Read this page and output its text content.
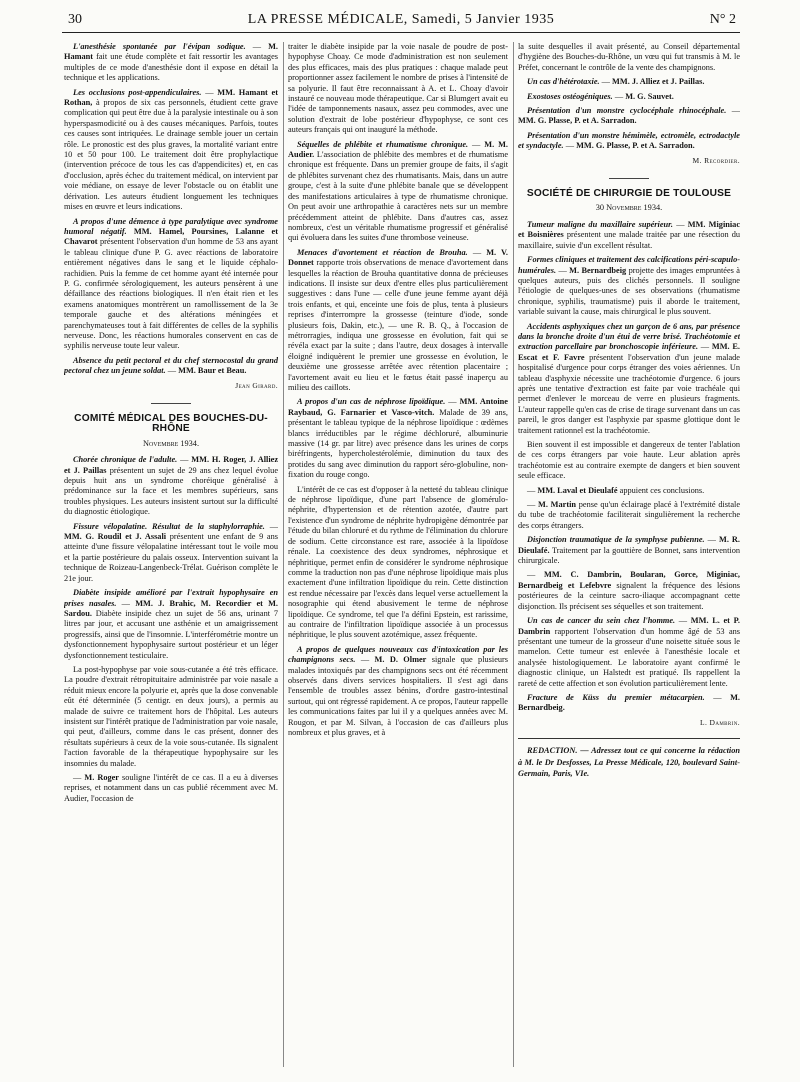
30	LA PRESSE MÉDICALE, Samedi, 5 Janvier 1935	N° 2

L'anesthésie spontanée par l'évipan sodique. — M. Hamant fait une étude complète et fait ressortir les avantages multiples de ce mode d'anesthésie dont il expose en détail la technique et les applications.

Les occlusions post-appendiculaires. — MM. Hamant et Rothan, à propos de six cas personnels, étudient cette grave complication qui peut être due à la paralysie intestinale ou à son hyperspasmodicité ou à des causes mécaniques. Parfois, toutes ces causes sont intriquées. Le drainage semble jouer un certain rôle. Le pronostic est des plus graves, la mortalité variant entre 10 et 50 pour 100. Le traitement doit être prophylactique (intervention précoce de tous les cas d'appendicites) et, en cas d'occlusion, après échec du traitement médical, on intervient par voie médiane, on essaye de lever l'obstacle ou on établit une dérivation. Les auteurs étudient longuement les techniques mises en œuvre et leurs indications.

A propos d'une démence à type paralytique avec syndrome humoral négatif. MM. Hamel, Poursines, Lalanne et Chavarot présentent l'observation d'un homme de 53 ans ayant le tableau clinique d'une P. G. avec réactions de laboratoire entièrement négatives dans le sang et le liquide céphalo-rachidien. Puis la femme de cet homme ayant été internée pour P. G. confirmée sérologiquement, les auteurs pensèrent à une défaillance des réactions biologiques. Il n'en était rien et les examens anatomiques montrèrent un ramollissement de la 3e temporale gauche et des altérations méningées et parenchymateuses tout à fait différentes de celles de la syphilis nerveuse. Donc, les réactions humorales conservent en cas de syphilis nerveuse toute leur valeur.

Absence du petit pectoral et du chef sternocostal du grand pectoral chez un jeune soldat. — MM. Baur et Beau.

Jean Girard.
COMITÉ MÉDICAL DES BOUCHES-DU-RHÔNE
Novembre 1934.

Chorée chronique de l'adulte. — MM. H. Roger, J. Alliez et J. Paillas présentent un sujet de 29 ans chez lequel évolue depuis huit ans un syndrome choréique généralisé à prédominance sur la face et les membres supérieurs, sans troubles physiques. Les auteurs insistent surtout sur la difficulté du diagnostic étiologique.

Fissure vélopalatine. Résultat de la staphylorraphie. — MM. G. Roudil et J. Assali présentent une enfant de 9 ans atteinte d'une fissure vélopalatine intéressant tout le voile mou et la partie postérieure du palais osseux. Intervention suivant la technique de Roizeau-Langenbeck-Trélat. Guérison complète le 21e jour.

Diabète insipide amélioré par l'extrait hypophysaire en prises nasales. — MM. J. Brahic, M. Recordier et M. Sardou. Diabète insipide chez un sujet de 56 ans, urinant 7 litres par jour, et accusant une asthénie et un amaigrissement progressifs, ainsi que de l'insomnie. L'interférométrie montre un dysfonctionnement hypophysaire surtout postérieur et un léger dysfonctionnement testiculaire.

La post-hypophyse par voie sous-cutanée a été très efficace. La poudre d'extrait rétropituitaire administrée par voie nasale a réduit mieux encore la polyurie et, après que la dose convenable eût été déterminée (5 centigr. en deux jours), a permis au malade de suivre ce traitement hors de l'hôpital. Les auteurs insistent sur l'intérêt pratique de l'administration par voie nasale, qui peut, d'ailleurs, comme dans le cas présent, donner des résultats supérieurs à ceux de la voie sous-cutanée. Ils signalent l'action favorable de la thérapeutique hypophysaire sur les insomnies du malade.

— M. Roger souligne l'intérêt de ce cas. Il a eu à diverses reprises, et notamment dans un cas publié récemment avec M. Audier, l'occasion de

traiter le diabète insipide par la voie nasale de poudre de post-hypophyse Choay. Ce mode d'administration est non seulement des plus efficaces, mais des plus pratiques : chaque malade peut proportionner assez facilement le nombre de prises à l'intensité de sa polyurie. Il faut être reconnaissant à A. et L. Choay d'avoir instauré ce nouveau mode thérapeutique. Car si Blumgert avait eu l'idée de tamponnements nasaux, assez peu commodes, avec une solution d'extrait de lobe postérieur d'hypophyse, ce sont ces auteurs français qui ont inauguré la méthode.

Séquelles de phlébite et rhumatisme chronique. — M. M. Audier. L'association de phlébite des membres et de rhumatisme chronique est fréquente. Dans un premier groupe de faits, il s'agit de phlébites survenant chez des rhumatisants. Mais, dans un autre groupe, c'est à la suite d'une phlébite banale que se développent des manifestations articulaires à type de rhumatisme chronique. On peut avoir une arthropathie à caractères nets sur un membre précédemment atteint de phlébite. Dans d'autres cas, assez nombreux, c'est un véritable rhumatisme progressif et généralisé qui évoluera dans les suites d'une thrombose veineuse.

Menaces d'avortement et réaction de Brouha. — M. V. Donnet rapporte trois observations de menace d'avortement dans lesquelles la réaction de Brouha quantitative donna de précieuses indications. Il insiste sur deux d'entre elles plus particulièrement suggestives : dans l'une — celle d'une jeune femme ayant déjà trois enfants, et qui, enceinte une fois de plus, tenta à plusieurs reprises d'interrompre la grossesse (teinture d'iode, sonde plusieurs fois, Dakin, etc.), — une R. B. Q., à l'occasion de métrorragies, indiqua une grossesse en évolution, fait qui se révéla exact par la suite ; dans l'autre, deux dosages à intervalle éloigné indiquèrent le premier une grossesse en évolution, le deuxième une grossesse arrêtée avec rétention placentaire ; l'avortement avait eu lieu et le fœtus était passé inaperçu au milieu des caillots.

A propos d'un cas de néphrose lipoïdique. — MM. Antoine Raybaud, G. Farnarier et Vasco-vitch. Malade de 39 ans, présentant le tableau typique de la néphrose lipoïdique : œdèmes blancs irréductibles par le régime déchloruré, albuminurie massive (14 gr. par litre) avec présence dans les urines de corps biréfringents, hypercholestérolémie, diminution du taux des protides du sang avec diminution du rapport séro-globuline, non-fixation du rouge congo.

L'intérêt de ce cas est d'opposer à la netteté du tableau clinique de néphrose lipoïdique, d'une part l'absence de glomérulo-néphrite, d'hypertension et de rétention azotée, d'autre part l'existence d'un syndrome de néphrite hydropigène démontrée par l'étude du bilan chloruré et du rythme de l'élimination du chlorure de sodium. Cette circonstance est rare, associée à la lipoïdose rénale. La coexistence des deux syndromes, néphrosique et néphritique, permet enfin de considérer le syndrome néphrosique comme la traduction non pas d'une néphrose lipoïdique mais plus exactement d'une infiltration lipoïdique du rein. Cette distinction est rendue nécessaire par l'excès dans lequel verse actuellement la nosographie qui étend abusivement le terme de néphrose lipoïdique. Ce syndrome, tel que l'a défini Epstein, est rarissime, au contraire de l'infiltration lipoïdique associée à un processus néphritique, le plus souvent azotémique, assez fréquente.

A propos de quelques nouveaux cas d'intoxication par les champignons secs. — M. D. Olmer signale que plusieurs malades intoxiqués par des champignons secs ont été récemment observés dans divers services hospitaliers. Il s'est agi dans l'ensemble de troubles assez bénins, d'ordre gastro-intestinal surtout, qui ont régressé rapidement. A ce propos, l'auteur rappelle les communications faites par lui il y a quelques années avec M. Rougon, et par M. Silvan, à l'occasion de cas d'ailleurs plus nombreux et plus graves, et à

la suite desquelles il avait présenté, au Conseil départemental d'hygiène des Bouches-du-Rhône, un vœu qui fut transmis à M. le Préfet, concernant le contrôle de la vente des champignons.

Un cas d'hétérotaxie. — MM. J. Alliez et J. Paillas.

Exostoses ostéogéniques. — M. G. Sauvet.

Présentation d'un monstre cyclocéphale rhinocéphale. — MM. G. Plasse, P. et A. Sarradon.

Présentation d'un monstre hémimèle, ectromèle, ectrodactyle et syndactyle. — MM. G. Plasse, P. et A. Sarradon.

M. Recordier.
SOCIÉTÉ DE CHIRURGIE DE TOULOUSE
30 Novembre 1934.

Tumeur maligne du maxillaire supérieur. — MM. Miginiac et Boisnières présentent une malade traitée par une résection du maxillaire, suivie d'un excellent résultat.

Formes cliniques et traitement des calcifications péri-scapulo-humérales. — M. Bernardbeig projette des images empruntées à quelques auteurs, puis des clichés personnels. Il souligne l'étiologie de quelques-unes de ses observations (rhumatisme chronique, syphilis, traumatisme) puis il aborde le traitement, variable suivant la cause, mais chirurgical le plus souvent.

Accidents asphyxiques chez un garçon de 6 ans, par présence dans la bronche droite d'un étui de verre brisé. Trachéotomie et extraction parcellaire par bronchoscopie inférieure. — MM. E. Escat et F. Favre présentent l'observation d'un jeune malade hospitalisé d'urgence pour corps étranger des voies aériennes. Un tableau d'asphyxie nécessite une trachéotomie d'urgence. 6 jours après une tentative d'extraction est faite par voie trachéale qui permet d'enlever le morceau de verre en plusieurs fragments. L'auteur rappelle qu'en cas de crise de tirage survenant dans un cas pareil, le gros danger est l'asphyxie par spasme glottique dont le traitement rationnel est la trachéotomie.

Bien souvent il est impossible et dangereux de tenter l'ablation de ces corps étrangers par voie haute. Leur ablation après trachéotomie est au contraire exempte de dangers et bien souvent seule efficace.

— MM. Laval et Dieulafé appuient ces conclusions.

— M. Martin pense qu'un éclairage placé à l'extrémité distale du tube de trachéotomie faciliterait singulièrement la recherche des corps étrangers.

Disjonction traumatique de la symphyse pubienne. — M. R. Dieulafé. Traitement par la gouttière de Bonnet, sans intervention chirurgicale.

— MM. C. Dambrin, Boularan, Gorce, Miginiac, Bernardbeig et Lefebvre signalent la fréquence des lésions postérieures de la ceinture sacro-iliaque accompagnant cette disjonction. Ils précisent ses séquelles et son traitement.

Un cas de cancer du sein chez l'homme. — MM. L. et P. Dambrin rapportent l'observation d'un homme âgé de 53 ans présentant une tumeur de la grosseur d'une noisette située sous le mamelon. Cette tumeur est enlevée à l'anesthésie locale et analysée histologiquement. Le laboratoire ayant confirmé le diagnostic clinique, un Halstedt est pratiqué. Ils rappellent la rareté de cette affection et son évolution particulièrement lente.

Fracture de Küss du premier métacarpien. — M. Bernardbeig.

L. Dambrin.

REDACTION. — Adressez tout ce qui concerne la rédaction à M. le Dr Desfosses, La Presse Médicale, 120, boulevard Saint-Germain, Paris, VIe.
